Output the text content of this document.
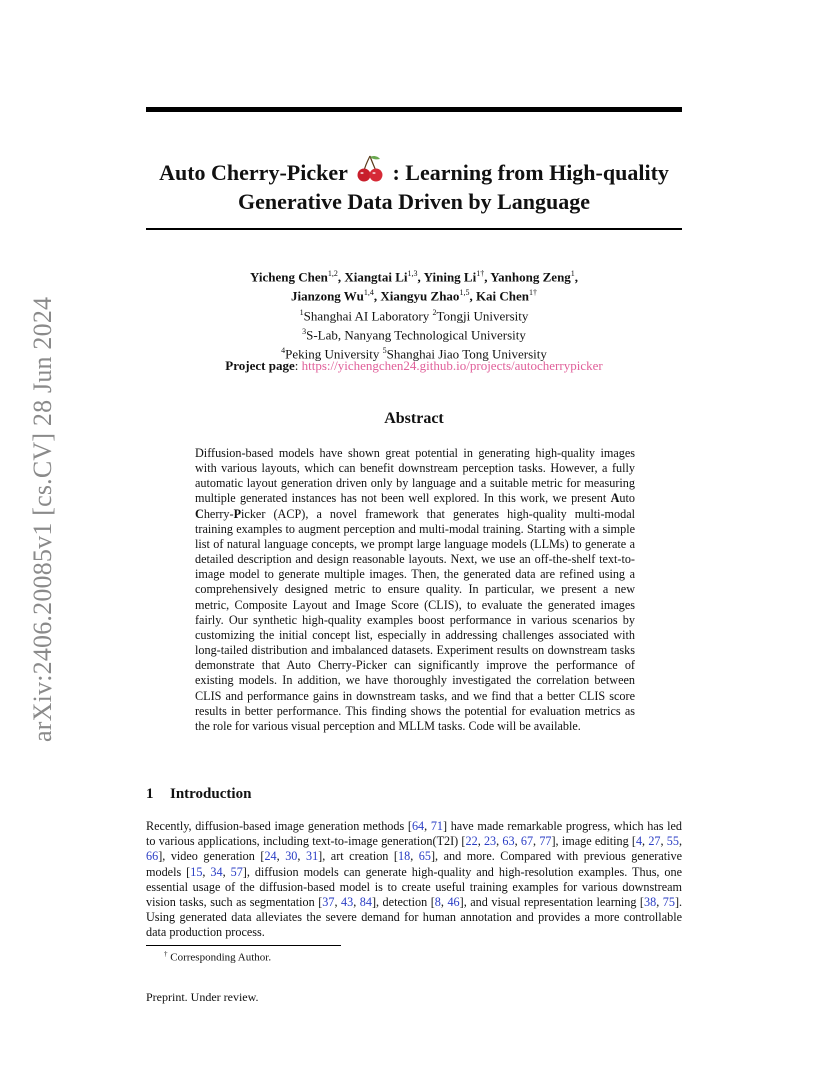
arXiv:2406.20085v1 [cs.CV] 28 Jun 2024
Auto Cherry-Picker : Learning from High-quality
Generative Data Driven by Language
Yicheng Chen$^{1,2}$, Xiangtai Li$^{1,3}$, Yining $Li^{1\dagger}$, Yanhong Zeng$^1$,
Jianzong Wu$^{1,4}$, Xiangyu Zhao$^{1,5}$, Kai Chen$^{1\dagger}$
$^1$Shanghai AI Laboratory $^2$Tongji University
$^3$S-Lab, Nanyang Technological University
$^4$Peking University $^5$Shanghai Jiao Tong University
Project page: https://yichengchen24.github.io/projects/autocherrypicker
Abstract
Diffusion-based models have shown great potential in generating high-quality images with various layouts, which can benefit downstream perception tasks. However, a fully automatic layout generation driven only by language and a suitable metric for measuring multiple generated instances has not been well explored. In this work, we present Auto Cherry-Picker (ACP), a novel framework that generates high-quality multi-modal training examples to augment perception and multi-modal training. Starting with a simple list of natural language concepts, we prompt large language models (LLMs) to generate a detailed description and design reasonable layouts. Next, we use an off-the-shelf text-to-image model to generate multiple images. Then, the generated data are refined using a comprehensively designed metric to ensure quality. In particular, we present a new metric, Composite Layout and Image Score (CLIS), to evaluate the generated images fairly. Our synthetic high-quality examples boost performance in various scenarios by customizing the initial concept list, especially in addressing challenges associated with long-tailed distribution and imbalanced datasets. Experiment results on downstream tasks demonstrate that Auto Cherry-Picker can significantly improve the performance of existing models. In addition, we have thoroughly investigated the correlation between CLIS and performance gains in downstream tasks, and we find that a better CLIS score results in better performance. This finding shows the potential for evaluation metrics as the role for various visual perception and MLLM tasks. Code will be available.
1 Introduction
Recently, diffusion-based image generation methods [64, 71] have made remarkable progress, which has led to various applications, including text-to-image generation(T2I) [22, 23, 63, 67, 77], image editing [4, 27, 55, 66], video generation [24, 30, 31], art creation [18, 65], and more. Compared with previous generative models [15, 34, 57], diffusion models can generate high-quality and high-resolution examples. Thus, one essential usage of the diffusion-based model is to create useful training examples for various downstream vision tasks, such as segmentation [37, 43, 84], detection [8, 46], and visual representation learning [38, 75]. Using generated data alleviates the severe demand for human annotation and provides a more controllable data production process.
† Corresponding Author.
Preprint. Under review.
